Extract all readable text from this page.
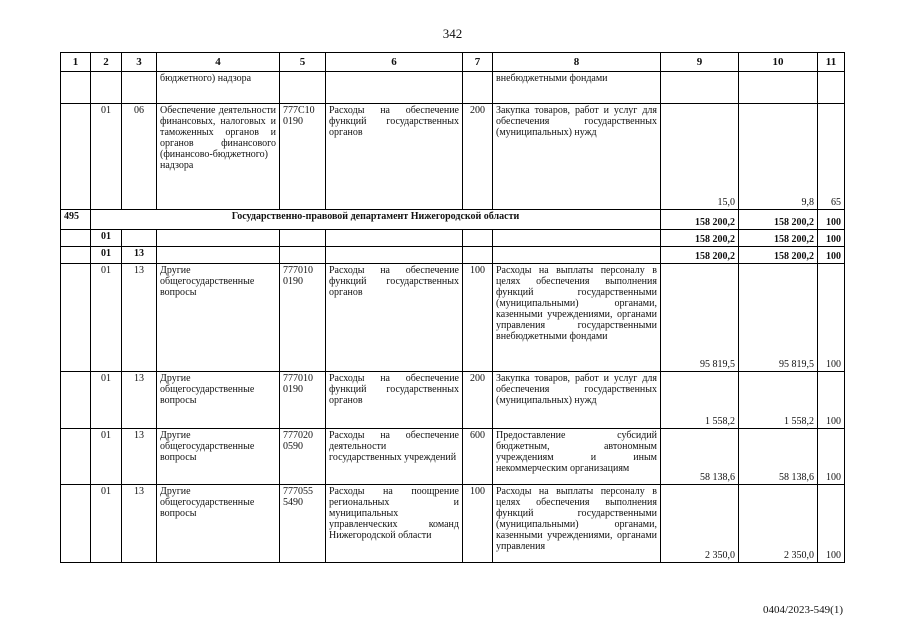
342
1	2	3	4	5	6	7	8	9	10	11
			бюджетного) надзора				внебюджетными фондами			
	01	06	Обеспечение деятельности финансовых, налоговых и таможенных органов и органов финансового (финансово-бюджетного) надзора	777С10 0190	Расходы на обеспечение функций государственных органов	200	Закупка товаров, работ и услуг для обеспечения государственных (муниципальных) нужд	15,0	9,8	65
495	Государственно-правовой департамент Нижегородской области							158 200,2	158 200,2	100
	01							158 200,2	158 200,2	100
	01	13						158 200,2	158 200,2	100
	01	13	Другие общегосударственные вопросы	777010 0190	Расходы на обеспечение функций государственных органов	100	Расходы на выплаты персоналу в целях обеспечения выполнения функций государственными (муниципальными) органами, казенными учреждениями, органами управления государственными внебюджетными фондами	95 819,5	95 819,5	100
	01	13	Другие общегосударственные вопросы	777010 0190	Расходы на обеспечение функций государственных органов	200	Закупка товаров, работ и услуг для обеспечения государственных (муниципальных) нужд	1 558,2	1 558,2	100
	01	13	Другие общегосударственные вопросы	777020 0590	Расходы на обеспечение деятельности государственных учреждений	600	Предоставление субсидий бюджетным, автономным учреждениям и иным некоммерческим организациям	58 138,6	58 138,6	100
	01	13	Другие общегосударственные вопросы	777055 5490	Расходы на поощрение региональных и муниципальных управленческих команд Нижегородской области	100	Расходы на выплаты персоналу в целях обеспечения выполнения функций государственными (муниципальными) органами, казенными учреждениями, органами управления	2 350,0	2 350,0	100
0404/2023-549(1)
